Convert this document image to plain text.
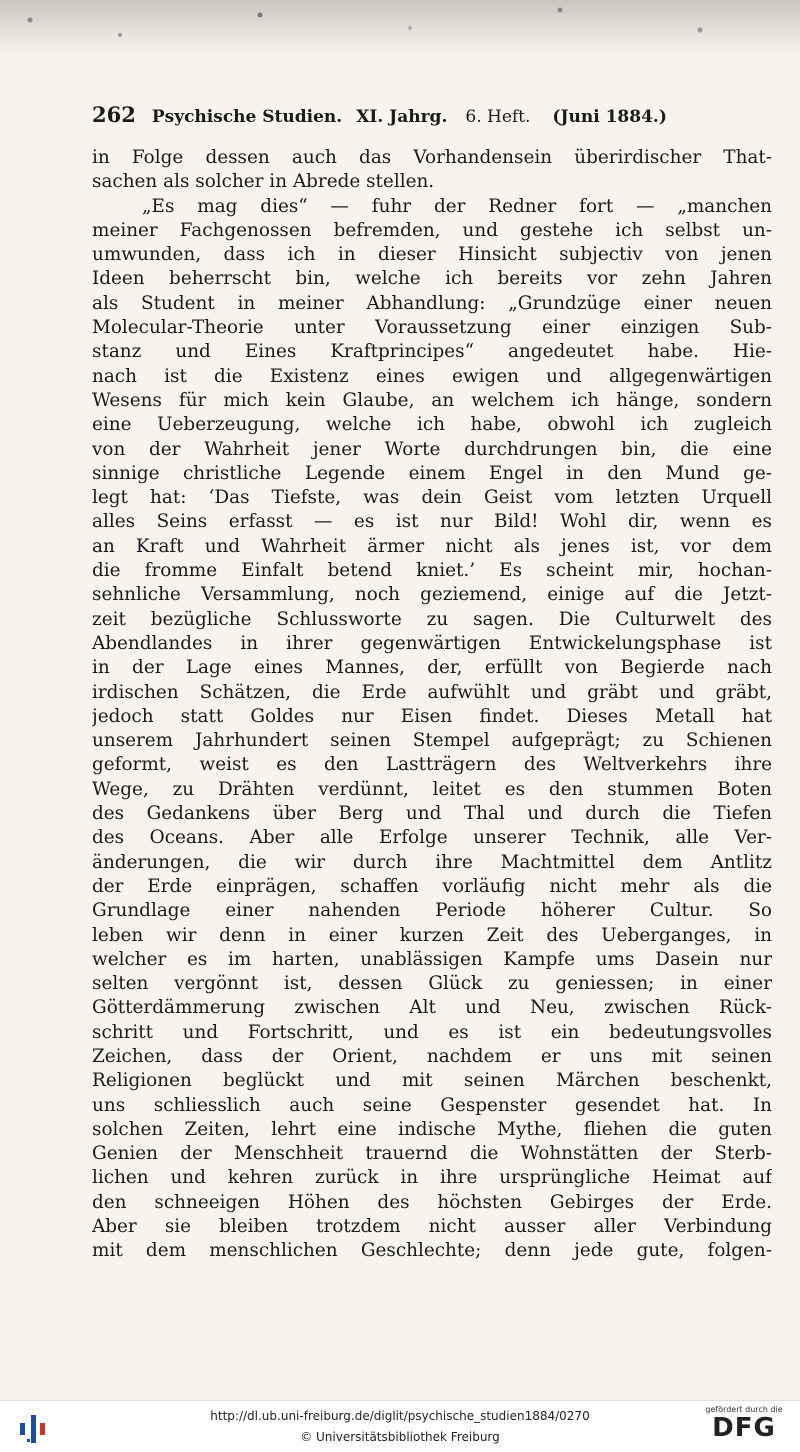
262 Psychische Studien. XI. Jahrg. 6. Heft. (Juni 1884.)
in Folge dessen auch das Vorhandensein überirdischer That-
sachen als solcher in Abrede stellen.
„Es mag dies“ — fuhr der Redner fort — „manchen
meiner Fachgenossen befremden, und gestehe ich selbst un-
umwunden, dass ich in dieser Hinsicht subjectiv von jenen
Ideen beherrscht bin, welche ich bereits vor zehn Jahren
als Student in meiner Abhandlung: „Grundzüge einer neuen
Molecular-Theorie unter Voraussetzung einer einzigen Sub-
stanz und Eines Kraftprincipes“ angedeutet habe. Hie-
nach ist die Existenz eines ewigen und allgegenwärtigen
Wesens für mich kein Glaube, an welchem ich hänge, sondern
eine Ueberzeugung, welche ich habe, obwohl ich zugleich
von der Wahrheit jener Worte durchdrungen bin, die eine
sinnige christliche Legende einem Engel in den Mund ge-
legt hat: ‘Das Tiefste, was dein Geist vom letzten Urquell
alles Seins erfasst — es ist nur Bild! Wohl dir, wenn es
an Kraft und Wahrheit ärmer nicht als jenes ist, vor dem
die fromme Einfalt betend kniet.’ Es scheint mir, hochan-
sehnliche Versammlung, noch geziemend, einige auf die Jetzt-
zeit bezügliche Schlussworte zu sagen. Die Culturwelt des
Abendlandes in ihrer gegenwärtigen Entwickelungsphase ist
in der Lage eines Mannes, der, erfüllt von Begierde nach
irdischen Schätzen, die Erde aufwühlt und gräbt und gräbt,
jedoch statt Goldes nur Eisen findet. Dieses Metall hat
unserem Jahrhundert seinen Stempel aufgeprägt; zu Schienen
geformt, weist es den Lastträgern des Weltverkehrs ihre
Wege, zu Drähten verdünnt, leitet es den stummen Boten
des Gedankens über Berg und Thal und durch die Tiefen
des Oceans. Aber alle Erfolge unserer Technik, alle Ver-
änderungen, die wir durch ihre Machtmittel dem Antlitz
der Erde einprägen, schaffen vorläufig nicht mehr als die
Grundlage einer nahenden Periode höherer Cultur. So
leben wir denn in einer kurzen Zeit des Ueberganges, in
welcher es im harten, unablässigen Kampfe ums Dasein nur
selten vergönnt ist, dessen Glück zu geniessen; in einer
Götterdämmerung zwischen Alt und Neu, zwischen Rück-
schritt und Fortschritt, und es ist ein bedeutungsvolles
Zeichen, dass der Orient, nachdem er uns mit seinen
Religionen beglückt und mit seinen Märchen beschenkt,
uns schliesslich auch seine Gespenster gesendet hat. In
solchen Zeiten, lehrt eine indische Mythe, fliehen die guten
Genien der Menschheit trauernd die Wohnstätten der Sterb-
lichen und kehren zurück in ihre ursprüngliche Heimat auf
den schneeigen Höhen des höchsten Gebirges der Erde.
Aber sie bleiben trotzdem nicht ausser aller Verbindung
mit dem menschlichen Geschlechte; denn jede gute, folgen-
http://dl.ub.uni-freiburg.de/diglit/psychische_studien1884/0270
© Universitätsbibliothek Freiburg
gefördert durch die
DFG
